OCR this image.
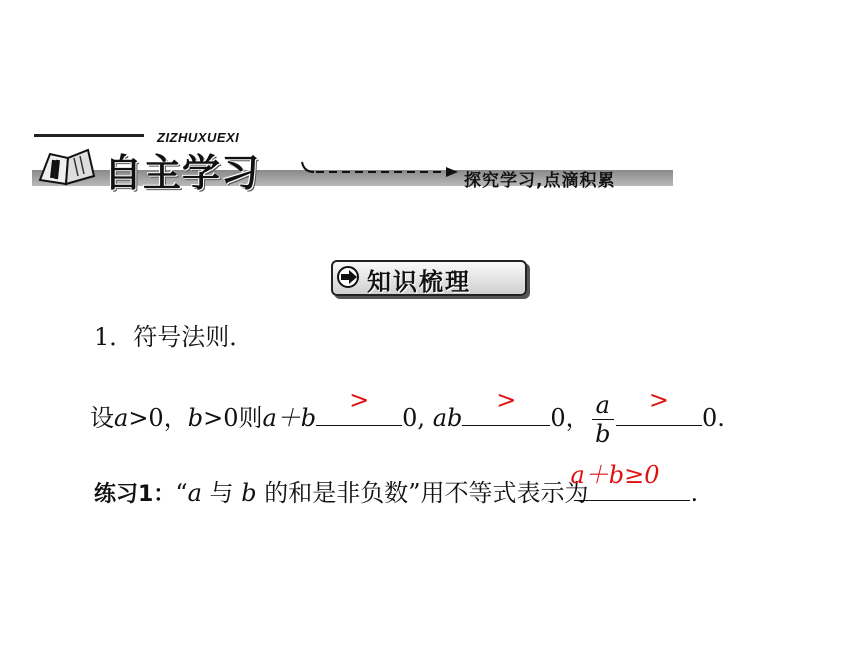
ZIZHUXUEXI
自主学习	探究学习,点滴积累
知识梳理
1．符号法则．
设a>0，b>0则a＋b
>
0, ab
>
0， $\frac{a}{b}$	>
0.
练习1：“a 与 b 的和是非负数”用不等式表示为
a＋b≥0
.
